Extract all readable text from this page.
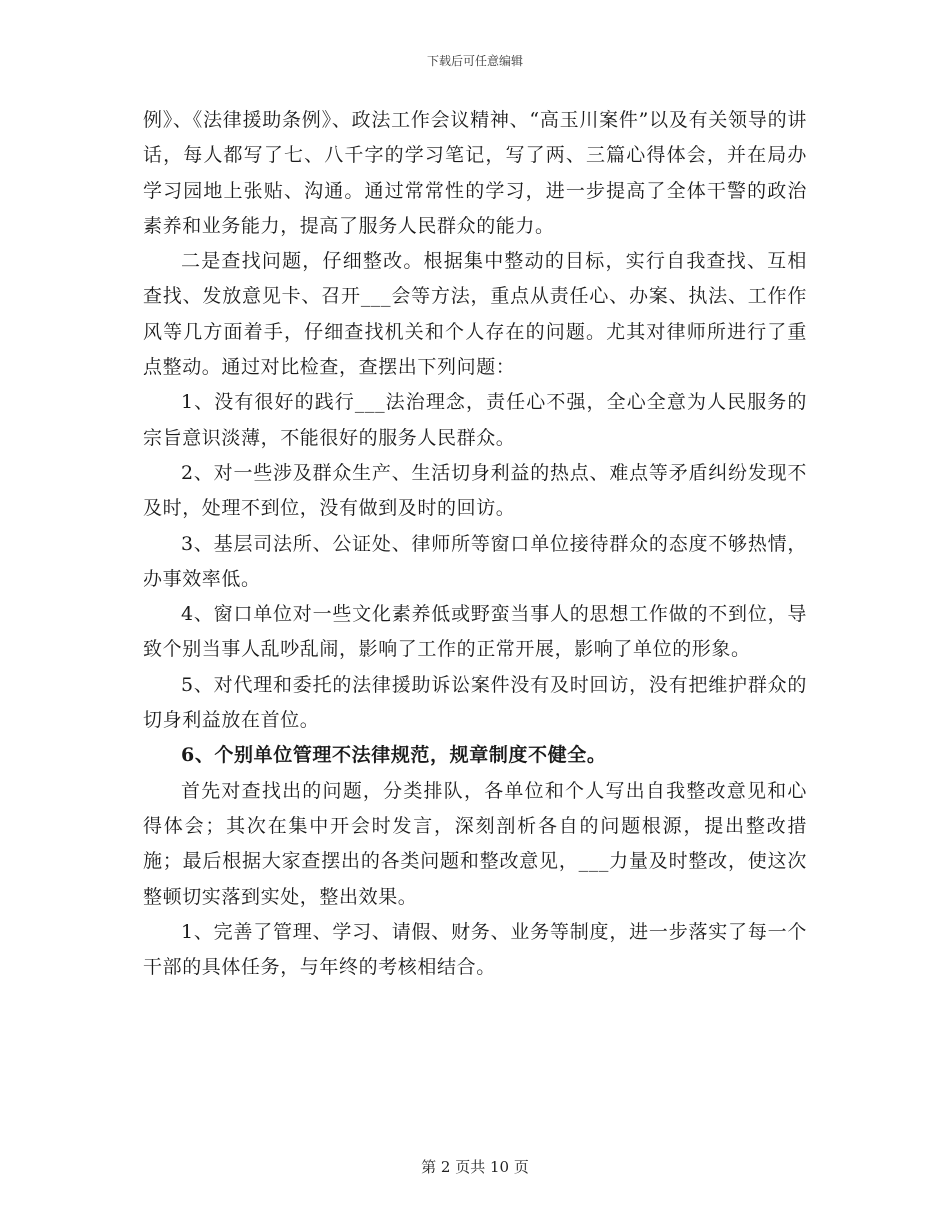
下载后可任意编辑

例》、《法律援助条例》、政法工作会议精神、“高玉川案件”以及有关领导的讲话，每人都写了七、八千字的学习笔记，写了两、三篇心得体会，并在局办学习园地上张贴、沟通。通过常常性的学习，进一步提高了全体干警的政治素养和业务能力，提高了服务人民群众的能力。

二是查找问题，仔细整改。根据集中整动的目标，实行自我查找、互相查找、发放意见卡、召开___会等方法，重点从责任心、办案、执法、工作作风等几方面着手，仔细查找机关和个人存在的问题。尤其对律师所进行了重点整动。通过对比检查，查摆出下列问题：

1、没有很好的践行___法治理念，责任心不强，全心全意为人民服务的宗旨意识淡薄，不能很好的服务人民群众。

2、对一些涉及群众生产、生活切身利益的热点、难点等矛盾纠纷发现不及时，处理不到位，没有做到及时的回访。

3、基层司法所、公证处、律师所等窗口单位接待群众的态度不够热情，办事效率低。

4、窗口单位对一些文化素养低或野蛮当事人的思想工作做的不到位，导致个别当事人乱吵乱闹，影响了工作的正常开展，影响了单位的形象。

5、对代理和委托的法律援助诉讼案件没有及时回访，没有把维护群众的切身利益放在首位。

6、个别单位管理不法律规范，规章制度不健全。

首先对查找出的问题，分类排队，各单位和个人写出自我整改意见和心得体会；其次在集中开会时发言，深刻剖析各自的问题根源，提出整改措施；最后根据大家查摆出的各类问题和整改意见，___力量及时整改，使这次整顿切实落到实处，整出效果。

1、完善了管理、学习、请假、财务、业务等制度，进一步落实了每一个干部的具体任务，与年终的考核相结合。

第 2 页共 10 页
